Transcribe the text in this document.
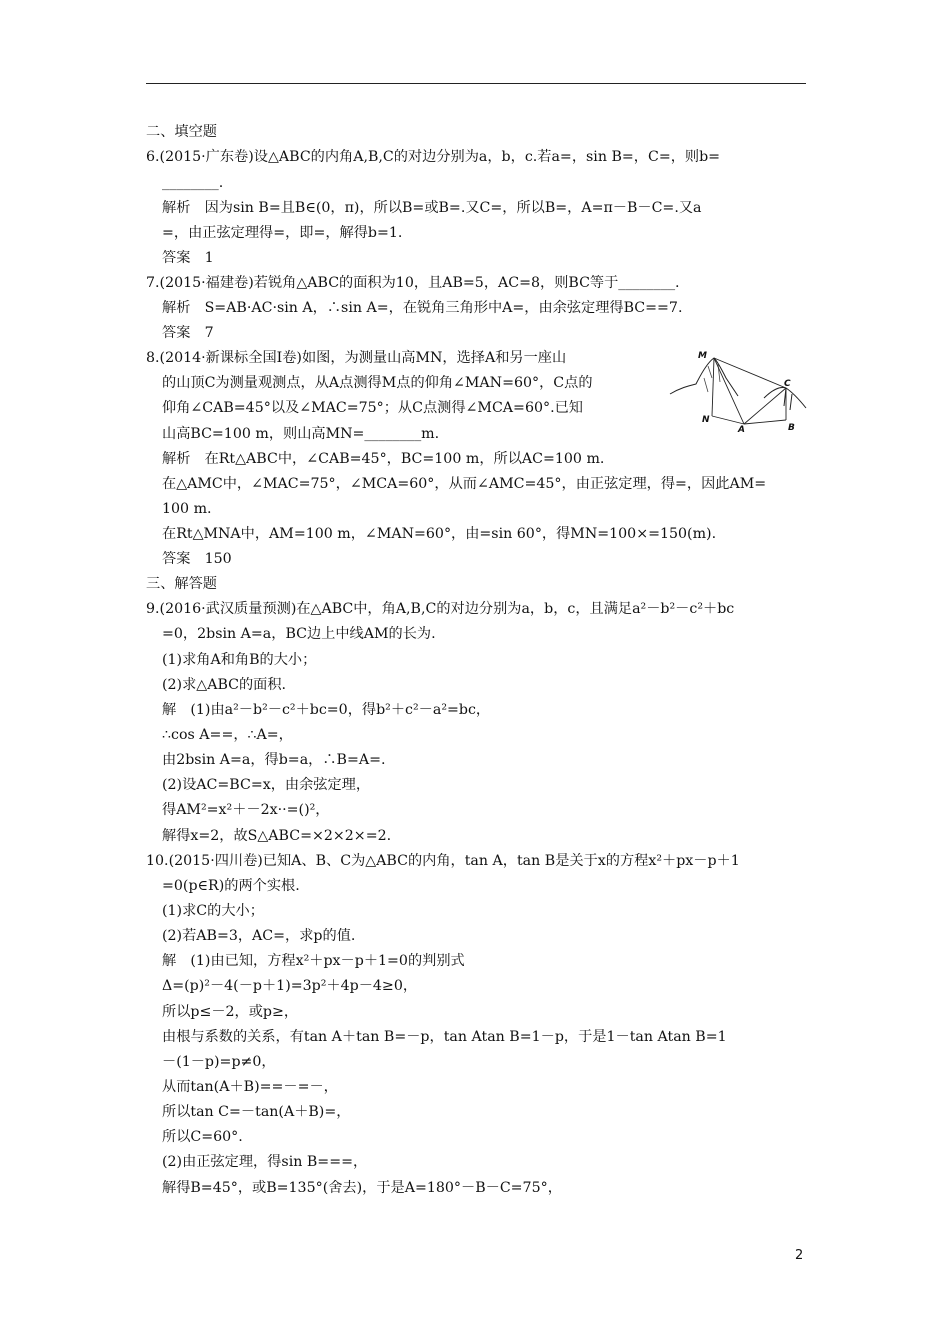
二、填空题
6.(2015·广东卷)设△ABC的内角A,B,C的对边分别为a，b，c.若a=，sin B=，C=，则b=
________.
解析　因为sin B=且B∈(0，π)，所以B=或B=.又C=，所以B=，A=π－B－C=.又a
=，由正弦定理得=，即=，解得b=1.
答案　1
7.(2015·福建卷)若锐角△ABC的面积为10，且AB=5，AC=8，则BC等于________.
解析　S=AB·AC·sin A，∴sin A=，在锐角三角形中A=，由余弦定理得BC==7.
答案　7
8.(2014·新课标全国Ⅰ卷)如图，为测量山高MN，选择A和另一座山
的山顶C为测量观测点，从A点测得M点的仰角∠MAN=60°，C点的
仰角∠CAB=45°以及∠MAC=75°；从C点测得∠MCA=60°.已知
山高BC=100 m，则山高MN=________m.
解析　在Rt△ABC中，∠CAB=45°，BC=100 m，所以AC=100 m.
在△AMC中，∠MAC=75°，∠MCA=60°，从而∠AMC=45°，由正弦定理，得=，因此AM=
100 m.
在Rt△MNA中，AM=100 m，∠MAN=60°，由=sin 60°，得MN=100×=150(m).
答案　150
三、解答题
9.(2016·武汉质量预测)在△ABC中，角A,B,C的对边分别为a，b，c，且满足a²－b²－c²＋bc
=0，2bsin A=a，BC边上中线AM的长为.
(1)求角A和角B的大小；
(2)求△ABC的面积.
解　(1)由a²－b²－c²＋bc=0，得b²＋c²－a²=bc，
∴cos A==，∴A=，
由2bsin A=a，得b=a，∴B=A=.
(2)设AC=BC=x，由余弦定理，
得AM²=x²＋－2x··=()²，
解得x=2，故S△ABC=×2×2×=2.
10.(2015·四川卷)已知A、B、C为△ABC的内角，tan A，tan B是关于x的方程x²＋px－p＋1
=0(p∈R)的两个实根.
(1)求C的大小；
(2)若AB=3，AC=，求p的值.
解　(1)由已知，方程x²＋px－p＋1=0的判别式
Δ=(p)²－4(－p＋1)=3p²＋4p－4≥0，
所以p≤－2，或p≥，
由根与系数的关系，有tan A＋tan B=－p，tan Atan B=1－p，于是1－tan Atan B=1
－(1－p)=p≠0，
从而tan(A＋B)==－=－，
所以tan C=－tan(A＋B)=，
所以C=60°.
(2)由正弦定理，得sin B===，
解得B=45°，或B=135°(舍去)，于是A=180°－B－C=75°，
M
C
N
A	B
2
